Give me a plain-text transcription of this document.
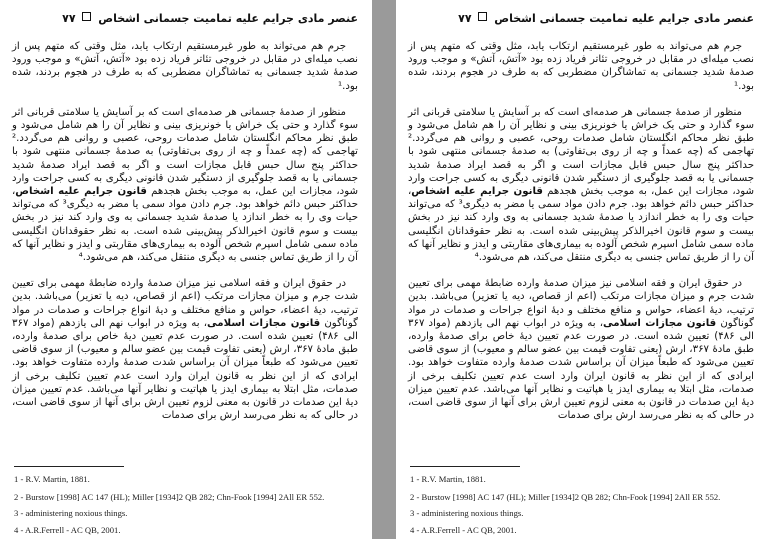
عنصر مادی جرایم علیه تمامیت جسمانی اشخاص  ۷۷

جرم هم می‌تواند به طور غیرمستقیم ارتکاب یابد، مثل وقتی که متهم پس از نصب میله‌ای در مقابل در خروجی تئاتر فریاد زده بود «آتش، آتش» و موجب ورود صدمهٔ شدید جسمانی به تماشاگران مضطربی که به طرف در هجوم بردند، شده بود.¹

منظور از صدمهٔ جسمانی هر صدمه‌ای است که بر آسایش یا سلامتی قربانی اثر سوء گذارد و حتی یک خراش یا خونریزی بینی و نظایر آن را هم شامل می‌شود و طبق نظر محاکم انگلستان شامل صدمات روحی، عصبی و روانی هم می‌گردد.² تهاجمی که (چه عمداً و چه از روی بی‌تفاوتی) به صدمهٔ جسمانی منتهی شود با حداکثر پنج سال حبس قابل مجازات است و اگر به قصد ایراد صدمهٔ شدید جسمانی یا به قصد جلوگیری از دستگیر شدن قانونی دیگری به کسی جراحت وارد شود، مجازات این عمل، به موجب بخش هجدهم قانون جرایم علیه اشخاص، حداکثر حبس دائم خواهد بود. جرم دادن مواد سمی یا مضر به دیگری³ که می‌تواند حیات وی را به خطر اندازد یا صدمهٔ شدید جسمانی به وی وارد کند نیز در بخش بیست و سوم قانون اخیرالذکر پیش‌بینی شده است. به نظر حقوقدانان انگلیسی ماده سمی شامل اسپرم شخص آلوده به بیماری‌های مقاربتی و ایدز و نظایر آنها که آن را از طریق تماس جنسی به دیگری منتقل می‌کند، هم می‌شود.⁴

در حقوق ایران و فقه اسلامی نیز میزان صدمهٔ وارده ضابطهٔ مهمی برای تعیین شدت جرم و میزان مجازات مرتکب (اعم از قصاص، دیه یا تعزیر) می‌باشد. بدین ترتیب، دیهٔ اعضاء، حواس و منافع مختلف و دیهٔ انواع جراحات و صدمات در مواد گوناگون قانون مجازات اسلامی، به ویژه در ابواب نهم الی یازدهم (مواد ۳۶۷ الی ۴۸۶) تعیین شده است. در صورت عدم تعیین دیهٔ خاص برای صدمهٔ وارده، طبق مادهٔ ۳۶۷، ارش (یعنی تفاوت قیمت بین عضو سالم و معیوب) از سوی قاضی تعیین می‌شود که طبعاً میزان آن براساس شدت صدمهٔ وارده متفاوت خواهد بود. ایرادی که از این نظر به قانون ایران وارد است عدم تعیین تکلیف برخی از صدمات، مثل ابتلا به بیماری ایدز یا هپاتیت و نظایر آنها می‌باشد. عدم تعیین میزان دیهٔ این صدمات در قانون به معنی لزوم تعیین ارش برای آنها از سوی قاضی است، در حالی که به نظر می‌رسد ارش برای صدمات

1 - R.V. Martin, 1881.
2 - Burstow [1998] AC 147 (HL); Miller [1934]2 QB 282; Chn-Fook [1994] 2All ER 552.
3 - administering noxious things.
4 - A.R.Ferrell - AC QB, 2001.
عنصر مادی جرایم علیه تمامیت جسمانی اشخاص  ۷۷

جرم هم می‌تواند به طور غیرمستقیم ارتکاب یابد، مثل وقتی که متهم پس از نصب میله‌ای در مقابل در خروجی تئاتر فریاد زده بود «آتش، آتش» و موجب ورود صدمهٔ شدید جسمانی به تماشاگران مضطربی که به طرف در هجوم بردند، شده بود.¹

منظور از صدمهٔ جسمانی هر صدمه‌ای است که بر آسایش یا سلامتی قربانی اثر سوء گذارد و حتی یک خراش یا خونریزی بینی و نظایر آن را هم شامل می‌شود و طبق نظر محاکم انگلستان شامل صدمات روحی، عصبی و روانی هم می‌گردد.² تهاجمی که (چه عمداً و چه از روی بی‌تفاوتی) به صدمهٔ جسمانی منتهی شود با حداکثر پنج سال حبس قابل مجازات است و اگر به قصد ایراد صدمهٔ شدید جسمانی یا به قصد جلوگیری از دستگیر شدن قانونی دیگری به کسی جراحت وارد شود، مجازات این عمل، به موجب بخش هجدهم قانون جرایم علیه اشخاص، حداکثر حبس دائم خواهد بود. جرم دادن مواد سمی یا مضر به دیگری³ که می‌تواند حیات وی را به خطر اندازد یا صدمهٔ شدید جسمانی به وی وارد کند نیز در بخش بیست و سوم قانون اخیرالذکر پیش‌بینی شده است. به نظر حقوقدانان انگلیسی ماده سمی شامل اسپرم شخص آلوده به بیماری‌های مقاربتی و ایدز و نظایر آنها که آن را از طریق تماس جنسی به دیگری منتقل می‌کند، هم می‌شود.⁴

در حقوق ایران و فقه اسلامی نیز میزان صدمهٔ وارده ضابطهٔ مهمی برای تعیین شدت جرم و میزان مجازات مرتکب (اعم از قصاص، دیه یا تعزیر) می‌باشد. بدین ترتیب، دیهٔ اعضاء، حواس و منافع مختلف و دیهٔ انواع جراحات و صدمات در مواد گوناگون قانون مجازات اسلامی، به ویژه در ابواب نهم الی یازدهم (مواد ۳۶۷ الی ۴۸۶) تعیین شده است. در صورت عدم تعیین دیهٔ خاص برای صدمهٔ وارده، طبق مادهٔ ۳۶۷، ارش (یعنی تفاوت قیمت بین عضو سالم و معیوب) از سوی قاضی تعیین می‌شود که طبعاً میزان آن براساس شدت صدمهٔ وارده متفاوت خواهد بود. ایرادی که از این نظر به قانون ایران وارد است عدم تعیین تکلیف برخی از صدمات، مثل ابتلا به بیماری ایدز یا هپاتیت و نظایر آنها می‌باشد. عدم تعیین میزان دیهٔ این صدمات در قانون به معنی لزوم تعیین ارش برای آنها از سوی قاضی است، در حالی که به نظر می‌رسد ارش برای صدمات

1 - R.V. Martin, 1881.
2 - Burstow [1998] AC 147 (HL); Miller [1934]2 QB 282; Chn-Fook [1994] 2All ER 552.
3 - administering noxious things.
4 - A.R.Ferrell - AC QB, 2001.
